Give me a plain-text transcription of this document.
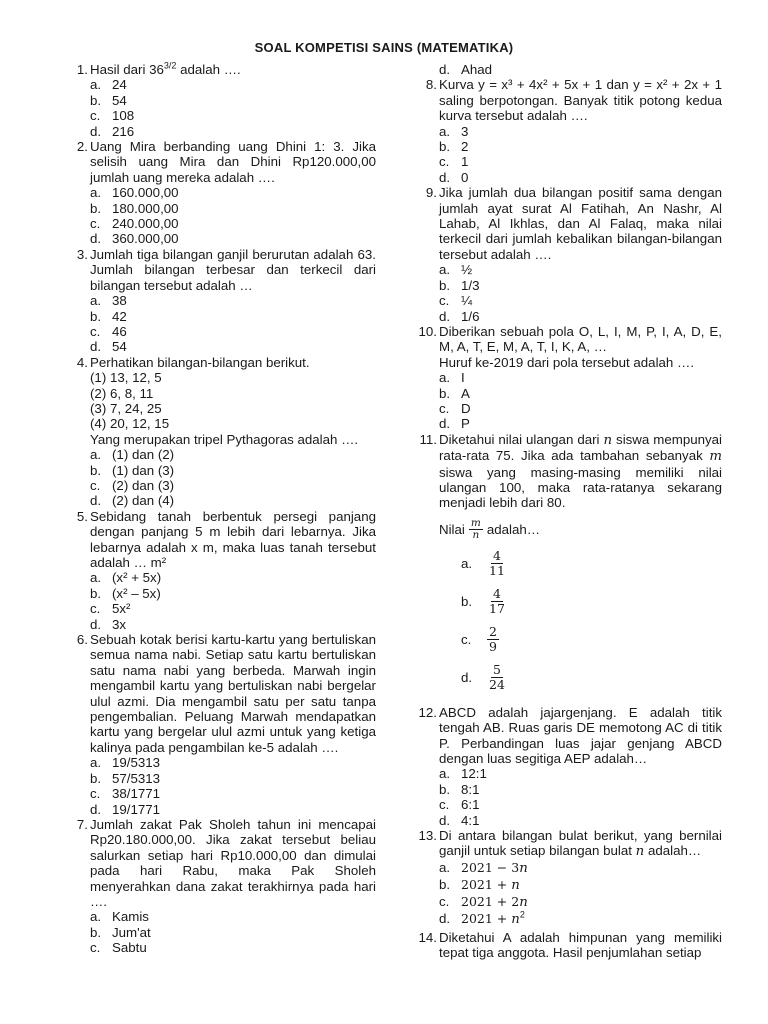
SOAL KOMPETISI SAINS (MATEMATIKA)
1 . Hasil dari $36^{3/2}$ adalah ….
a . 24
b . 54
c . 108
d . 216
2 . Uang Mira berbanding uang Dhini 1: 3. Jika selisih uang Mira dan Dhini Rp120.000,00 jumlah uang mereka adalah ….
a . 160.000,00
b . 180.000,00
c . 240.000,00
d . 360.000,00
3 . Jumlah tiga bilangan ganjil berurutan adalah 63. Jumlah bilangan terbesar dan terkecil dari bilangan tersebut adalah …
a . 38
b . 42
c . 46
d . 54
4 . Perhatikan bilangan-bilangan berikut.
(1) 13, 12, 5
(2) 6, 8, 11
(3) 7, 24, 25
(4) 20, 12, 15
Yang merupakan tripel Pythagoras adalah ….
a . (1) dan (2)
b . (1) dan (3)
c . (2) dan (3)
d . (2) dan (4)
5 . Sebidang tanah berbentuk persegi panjang dengan panjang 5 m lebih dari lebarnya. Jika lebarnya adalah x m, maka luas tanah tersebut adalah … m²
a . (x² + 5x)
b . (x² – 5x)
c . 5x²
d . 3x
6 . Sebuah kotak berisi kartu-kartu yang bertuliskan semua nama nabi. Setiap satu kartu bertuliskan satu nama nabi yang berbeda. Marwah ingin mengambil kartu yang bertuliskan nabi bergelar ulul azmi. Dia mengambil satu per satu tanpa pengembalian. Peluang Marwah mendapatkan kartu yang bergelar ulul azmi untuk yang ketiga kalinya pada pengambilan ke-5 adalah ….
a . 19/5313
b . 57/5313
c . 38/1771
d . 19/1771
7 . Jumlah zakat Pak Sholeh tahun ini mencapai Rp20.180.000,00. Jika zakat tersebut beliau salurkan setiap hari Rp10.000,00 dan dimulai pada hari Rabu, maka Pak Sholeh menyerahkan dana zakat terakhirnya pada hari ….
a . Kamis
b . Jum'at
c . Sabtu
d . Ahad
8 . Kurva y = x³ + 4x² + 5x + 1 dan y = x² + 2x + 1 saling berpotongan. Banyak titik potong kedua kurva tersebut adalah ….
a . 3
b . 2
c . 1
d . 0
9 . Jika jumlah dua bilangan positif sama dengan jumlah ayat surat Al Fatihah, An Nashr, Al Lahab, Al Ikhlas, dan Al Falaq, maka nilai terkecil dari jumlah kebalikan bilangan-bilangan tersebut adalah ….
a . ½
b . 1/3
c . ¼
d . 1/6
10 . Diberikan sebuah pola O, L, I, M, P, I, A, D, E, M, A, T, E, M, A, T, I, K, A, …
Huruf ke-2019 dari pola tersebut adalah ….
a . I
b . A
c . D
d . P
11 . Diketahui nilai ulangan dari n siswa mempunyai rata-rata 75. Jika ada tambahan sebanyak m siswa yang masing-masing memiliki nilai ulangan 100, maka rata-ratanya sekarang menjadi lebih dari 80.
Nilai $\frac{m}{n}$ adalah…
a .	$\frac{4}{11}$
b .	$\frac{4}{17}$
c .	$\frac{2}{9}$
d .	$\frac{5}{24}$
12 . ABCD adalah jajargenjang. E adalah titik tengah AB. Ruas garis DE memotong AC di titik P. Perbandingan luas jajar genjang ABCD dengan luas segitiga AEP adalah…
a . 12:1
b . 8:1
c . 6:1
d . 4:1
13 . Di antara bilangan bulat berikut, yang bernilai ganjil untuk setiap bilangan bulat n adalah…
a . 2021 − 3n
b . 2021 + n
c . 2021 + 2n
d . $2021 + n^2$
14 . Diketahui A adalah himpunan yang memiliki tepat tiga anggota. Hasil penjumlahan setiap
